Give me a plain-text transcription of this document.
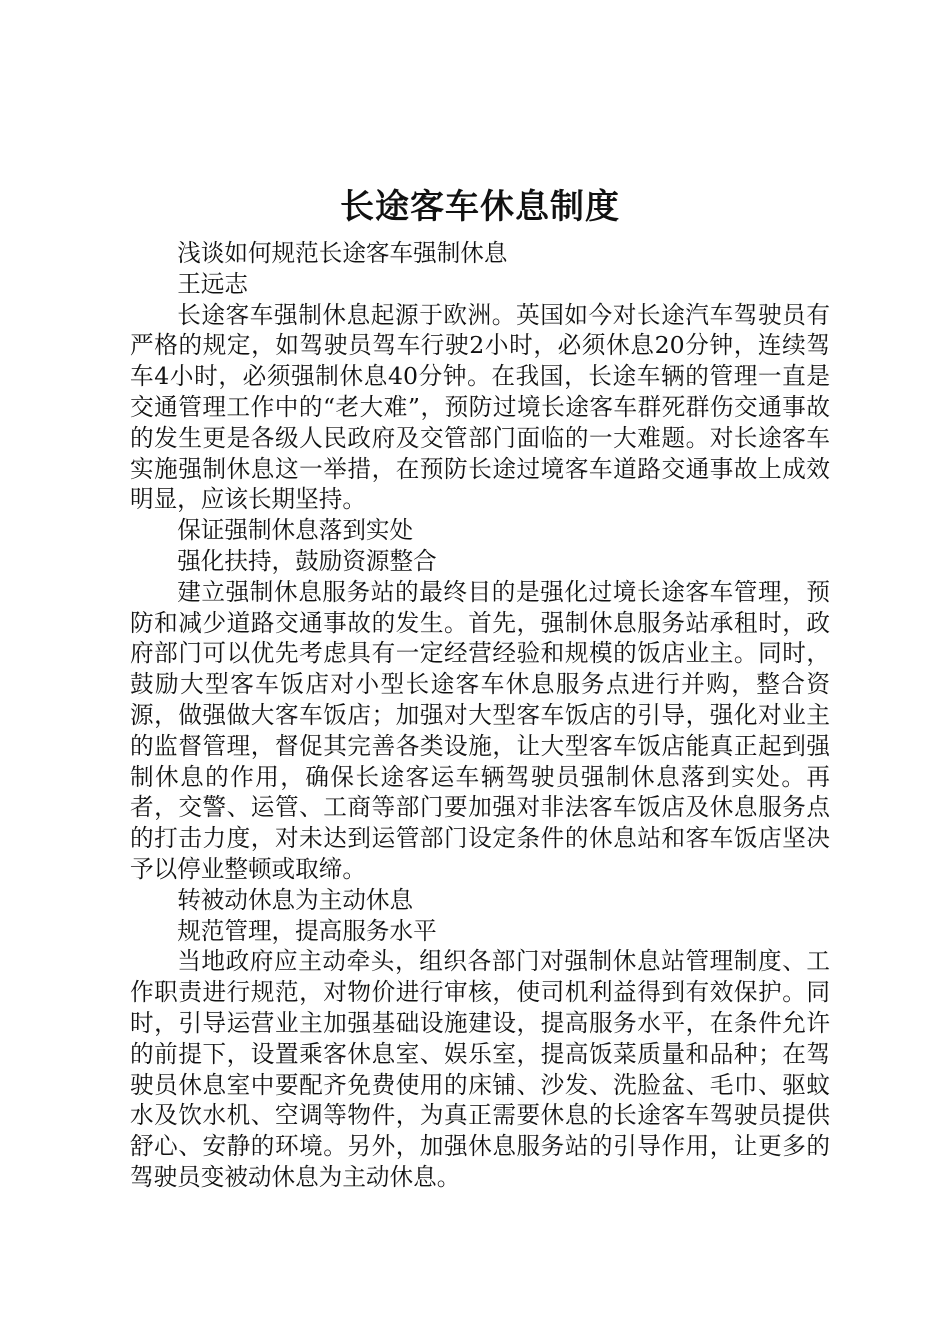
长途客车休息制度

浅谈如何规范长途客车强制休息

王远志

长途客车强制休息起源于欧洲。英国如今对长途汽车驾驶员有严格的规定，如驾驶员驾车行驶2小时，必须休息20分钟，连续驾车4小时，必须强制休息40分钟。在我国，长途车辆的管理一直是交通管理工作中的“老大难”，预防过境长途客车群死群伤交通事故的发生更是各级人民政府及交管部门面临的一大难题。对长途客车实施强制休息这一举措，在预防长途过境客车道路交通事故上成效明显，应该长期坚持。

保证强制休息落到实处

强化扶持，鼓励资源整合

建立强制休息服务站的最终目的是强化过境长途客车管理，预防和减少道路交通事故的发生。首先，强制休息服务站承租时，政府部门可以优先考虑具有一定经营经验和规模的饭店业主。同时，鼓励大型客车饭店对小型长途客车休息服务点进行并购，整合资源，做强做大客车饭店；加强对大型客车饭店的引导，强化对业主的监督管理，督促其完善各类设施，让大型客车饭店能真正起到强制休息的作用，确保长途客运车辆驾驶员强制休息落到实处。再者，交警、运管、工商等部门要加强对非法客车饭店及休息服务点的打击力度，对未达到运管部门设定条件的休息站和客车饭店坚决予以停业整顿或取缔。

转被动休息为主动休息

规范管理，提高服务水平

当地政府应主动牵头，组织各部门对强制休息站管理制度、工作职责进行规范，对物价进行审核，使司机利益得到有效保护。同时，引导运营业主加强基础设施建设，提高服务水平，在条件允许的前提下，设置乘客休息室、娱乐室，提高饭菜质量和品种；在驾驶员休息室中要配齐免费使用的床铺、沙发、洗脸盆、毛巾、驱蚊水及饮水机、空调等物件，为真正需要休息的长途客车驾驶员提供舒心、安静的环境。另外，加强休息服务站的引导作用，让更多的驾驶员变被动休息为主动休息。
